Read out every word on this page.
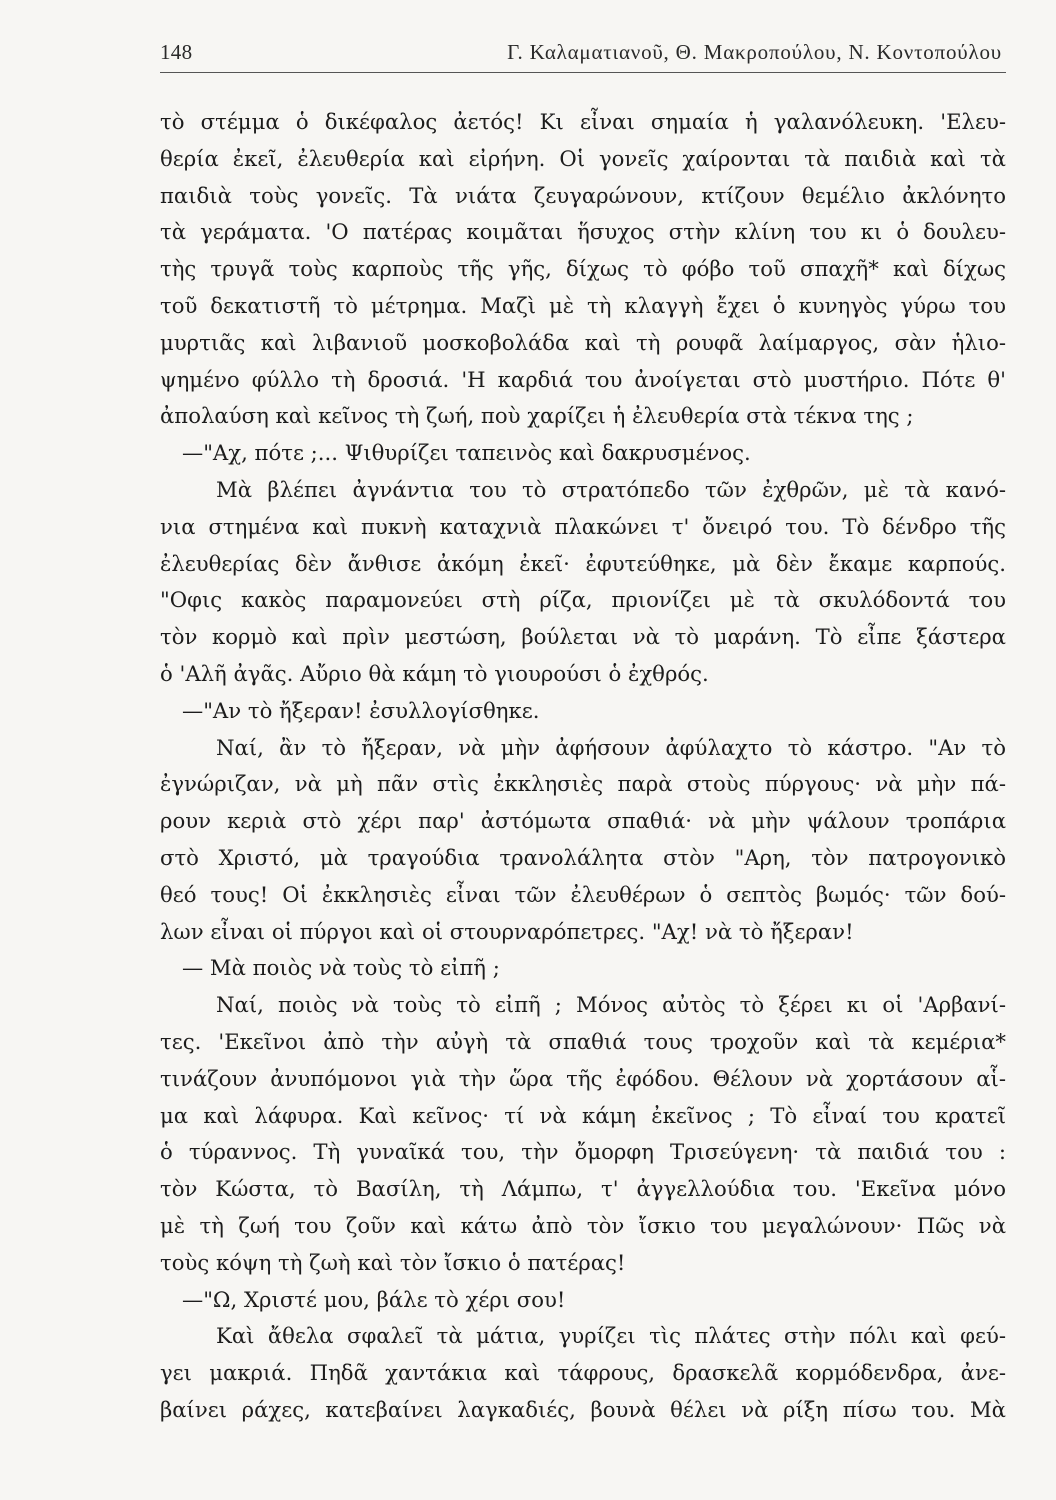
148	Γ. Καλαματιανοῦ, Θ. Μακροπούλου, Ν. Κοντοπούλου
τὸ στέμμα ὁ δικέφαλος ἀετός! Κι εἶναι σημαία ἡ γαλανόλευκη. 'Ελευ-
θερία ἐκεῖ, ἐλευθερία καὶ εἰρήνη. Οἱ γονεῖς χαίρονται τὰ παιδιὰ καὶ τὰ
παιδιὰ τοὺς γονεῖς. Τὰ νιάτα ζευγαρώνουν, κτίζουν θεμέλιο ἀκλόνητο
τὰ γεράματα. 'Ο πατέρας κοιμᾶται ἥσυχος στὴν κλίνη του κι ὁ δουλευ-
τὴς τρυγᾶ τοὺς καρποὺς τῆς γῆς, δίχως τὸ φόβο τοῦ σπαχῆ* καὶ δίχως
τοῦ δεκατιστῆ τὸ μέτρημα. Μαζὶ μὲ τὴ κλαγγὴ ἔχει ὁ κυνηγὸς γύρω του
μυρτιᾶς καὶ λιβανιοῦ μοσκοβολάδα καὶ τὴ ρουφᾶ λαίμαργος, σὰν ἡλιο-
ψημένο φύλλο τὴ δροσιά. 'Η καρδιά του ἀνοίγεται στὸ μυστήριο. Πότε θ'
ἀπολαύση καὶ κεῖνος τὴ ζωή, ποὺ χαρίζει ἡ ἐλευθερία στὰ τέκνα της ;
—"Αχ, πότε ;... Ψιθυρίζει ταπεινὸς καὶ δακρυσμένος.
Μὰ βλέπει ἀγνάντια του τὸ στρατόπεδο τῶν ἐχθρῶν, μὲ τὰ κανό-
νια στημένα καὶ πυκνὴ καταχνιὰ πλακώνει τ' ὄνειρό του. Τὸ δένδρο τῆς
ἐλευθερίας δὲν ἄνθισε ἀκόμη ἐκεῖ· ἐφυτεύθηκε, μὰ δὲν ἔκαμε καρπούς.
"Οφις κακὸς παραμονεύει στὴ ρίζα, πριονίζει μὲ τὰ σκυλόδοντά του
τὸν κορμὸ καὶ πρὶν μεστώση, βούλεται νὰ τὸ μαράνη. Τὸ εἶπε ξάστερα
ὁ 'Αλῆ ἀγᾶς. Αὔριο θὰ κάμη τὸ γιουρούσι ὁ ἐχθρός.
—"Αν τὸ ἤξεραν! ἐσυλλογίσθηκε.
Ναί, ἂν τὸ ἤξεραν, νὰ μὴν ἀφήσουν ἀφύλαχτο τὸ κάστρο. "Αν τὸ
ἐγνώριζαν, νὰ μὴ πᾶν στὶς ἐκκλησιὲς παρὰ στοὺς πύργους· νὰ μὴν πά-
ρουν κεριὰ στὸ χέρι παρ' ἀστόμωτα σπαθιά· νὰ μὴν ψάλουν τροπάρια
στὸ Χριστό, μὰ τραγούδια τρανολάλητα στὸν "Αρη, τὸν πατρογονικὸ
θεό τους! Οἱ ἐκκλησιὲς εἶναι τῶν ἐλευθέρων ὁ σεπτὸς βωμός· τῶν δού-
λων εἶναι οἱ πύργοι καὶ οἱ στουρναρόπετρες. "Αχ! νὰ τὸ ἤξεραν!
— Μὰ ποιὸς νὰ τοὺς τὸ εἰπῆ ;
Ναί, ποιὸς νὰ τοὺς τὸ εἰπῆ ; Μόνος αὐτὸς τὸ ξέρει κι οἱ 'Αρβανί-
τες. 'Εκεῖνοι ἀπὸ τὴν αὐγὴ τὰ σπαθιά τους τροχοῦν καὶ τὰ κεμέρια*
τινάζουν ἀνυπόμονοι γιὰ τὴν ὥρα τῆς ἐφόδου. Θέλουν νὰ χορτάσουν αἷ-
μα καὶ λάφυρα. Καὶ κεῖνος· τί νὰ κάμη ἐκεῖνος ; Τὸ εἶναί του κρατεῖ
ὁ τύραννος. Τὴ γυναῖκά του, τὴν ὄμορφη Τρισεύγενη· τὰ παιδιά του :
τὸν Κώστα, τὸ Βασίλη, τὴ Λάμπω, τ' ἀγγελλούδια του. 'Εκεῖνα μόνο
μὲ τὴ ζωή του ζοῦν καὶ κάτω ἀπὸ τὸν ἴσκιο του μεγαλώνουν· Πῶς νὰ
τοὺς κόψη τὴ ζωὴ καὶ τὸν ἴσκιο ὁ πατέρας!
—"Ω, Χριστέ μου, βάλε τὸ χέρι σου!
Καὶ ἄθελα σφαλεῖ τὰ μάτια, γυρίζει τὶς πλάτες στὴν πόλι καὶ φεύ-
γει μακριά. Πηδᾶ χαντάκια καὶ τάφρους, δρασκελᾶ κορμόδενδρα, ἀνε-
βαίνει ράχες, κατεβαίνει λαγκαδιές, βουνὰ θέλει νὰ ρίξη πίσω του. Μὰ
